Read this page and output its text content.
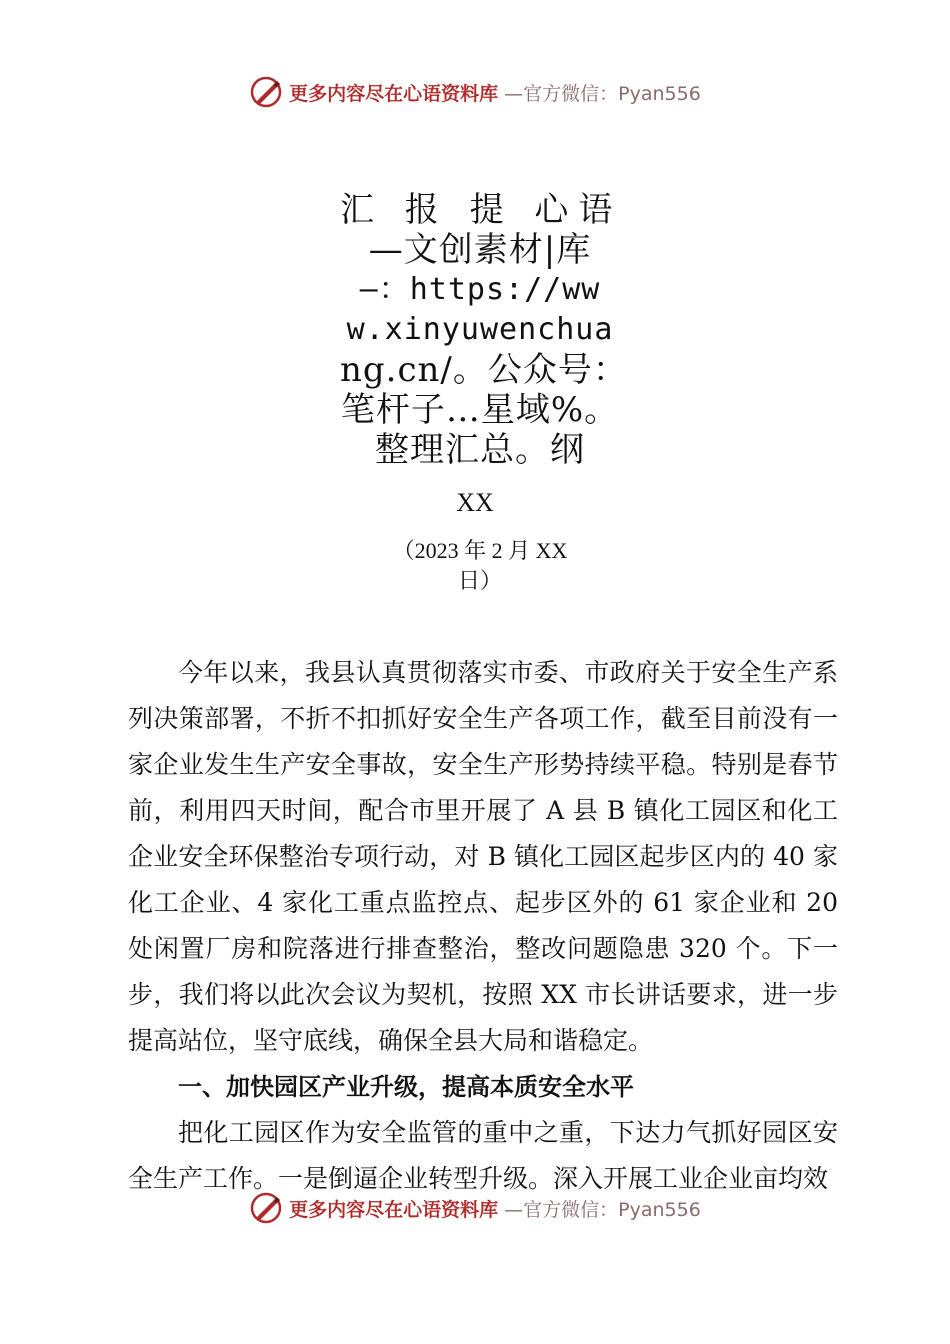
更多内容尽在心语资料库 —官方微信：Pyan556
汇 报 提 心语
—文创素材|库
—：https://ww
w.xinyuwenchua
ng.cn/。公众号：
笔杆子…星域%。
整理汇总。纲
XX
（2023 年 2 月 XX
日）

今年以来，我县认真贯彻落实市委、市政府关于安全生产系列决策部署，不折不扣抓好安全生产各项工作，截至目前没有一家企业发生生产安全事故，安全生产形势持续平稳。特别是春节前，利用四天时间，配合市里开展了 A 县 B 镇化工园区和化工企业安全环保整治专项行动，对 B 镇化工园区起步区内的 40 家化工企业、4 家化工重点监控点、起步区外的 61 家企业和 20 处闲置厂房和院落进行排查整治，整改问题隐患 320 个。下一步，我们将以此次会议为契机，按照 XX 市长讲话要求，进一步提高站位，坚守底线，确保全县大局和谐稳定。

一、加快园区产业升级，提高本质安全水平

把化工园区作为安全监管的重中之重，下达力气抓好园区安全生产工作。一是倒逼企业转型升级。深入开展工业企业亩均效

更多内容尽在心语资料库 —官方微信：Pyan556
